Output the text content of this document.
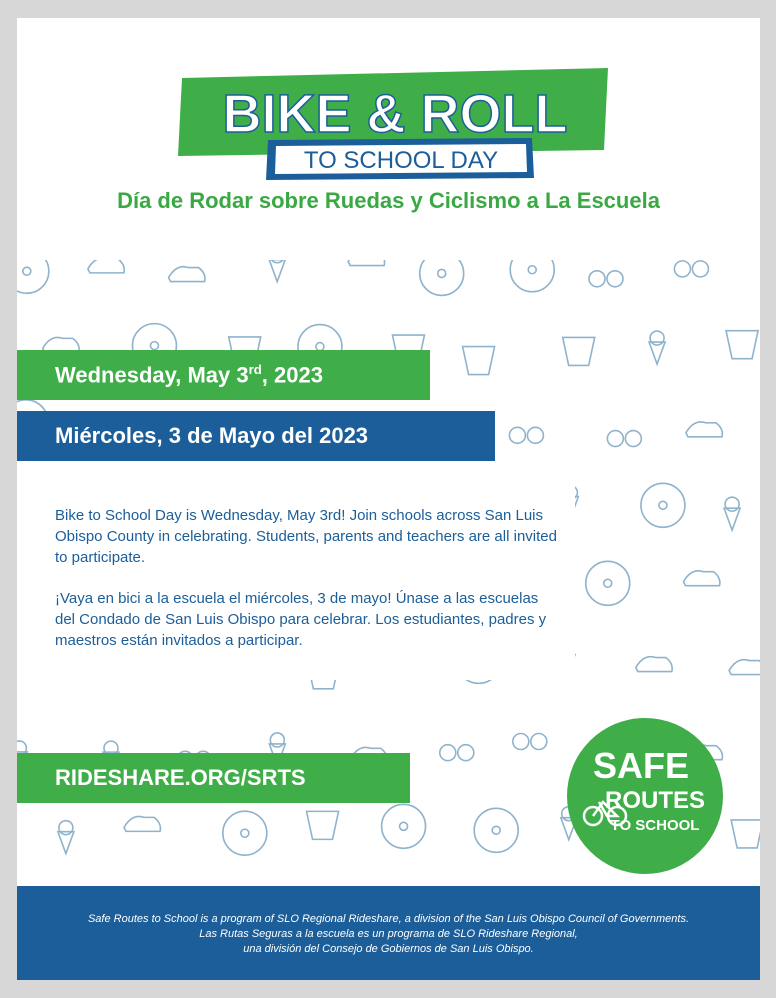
BIKE & ROLL
TO SCHOOL DAY
Día de Rodar sobre Ruedas y Ciclismo a La Escuela
Wednesday, May 3rd, 2023
Miércoles, 3 de Mayo del 2023

Bike to School Day is Wednesday, May 3rd! Join schools across San Luis Obispo County in celebrating. Students, parents and teachers are all invited to participate.

¡Vaya en bici a la escuela el miércoles, 3 de mayo! Únase a las escuelas del Condado de San Luis Obispo para celebrar. Los estudiantes, padres y maestros están invitados a participar.

RIDESHARE.ORG/SRTS	SAFE
ROUTES
TO SCHOOL
Safe Routes to School is a program of SLO Regional Rideshare, a division of the San Luis Obispo Council of Governments.
Las Rutas Seguras a la escuela es un programa de SLO Rideshare Regional,
una división del Consejo de Gobiernos de San Luis Obispo.
